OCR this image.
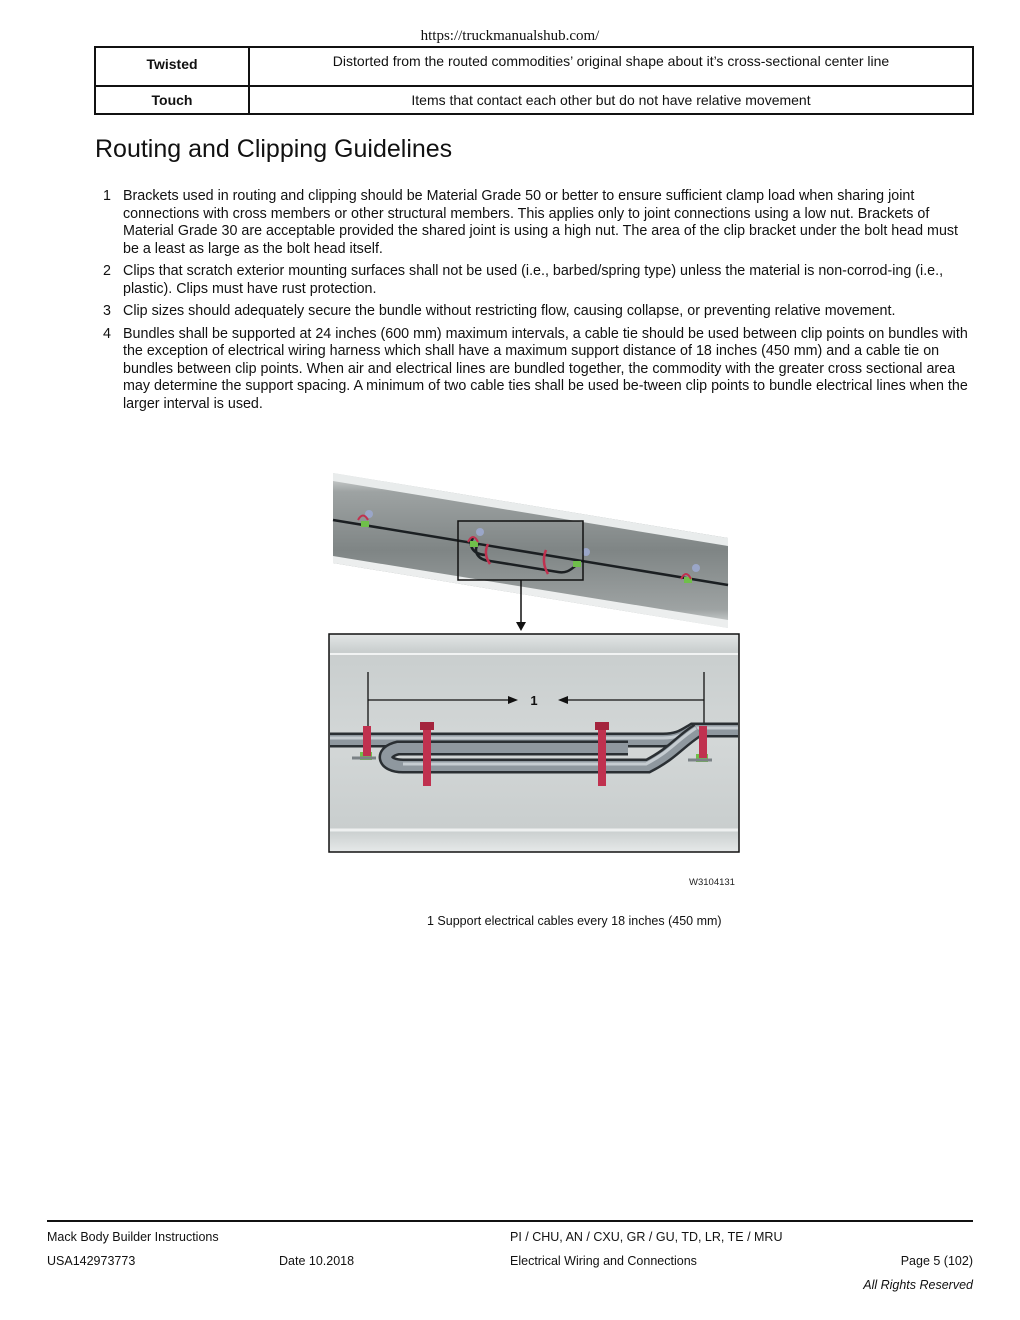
https://truckmanualshub.com/
Twisted	Distorted from the routed commodities’ original shape about it’s cross-sectional center line
Touch	Items that contact each other but do not have relative movement
Routing and Clipping Guidelines
1 Brackets used in routing and clipping should be Material Grade 50 or better to ensure sufficient clamp load when sharing joint connections with cross members or other structural members. This applies only to joint connections using a low nut. Brackets of Material Grade 30 are acceptable provided the shared joint is using a high nut. The area of the clip bracket under the bolt head must be a least as large as the bolt head itself.
2 Clips that scratch exterior mounting surfaces shall not be used (i.e., barbed/spring type) unless the material is non-corrod-ing (i.e., plastic). Clips must have rust protection.
3 Clip sizes should adequately secure the bundle without restricting flow, causing collapse, or preventing relative movement.
4 Bundles shall be supported at 24 inches (600 mm) maximum intervals, a cable tie should be used between clip points on bundles with the exception of electrical wiring harness which shall have a maximum support distance of 18 inches (450 mm) and a cable tie on bundles between clip points. When air and electrical lines are bundled together, the commodity with the greater cross sectional area may determine the support spacing. A minimum of two cable ties shall be used be-tween clip points to bundle electrical lines when the larger interval is used.
1
W3104131
1 Support electrical cables every 18 inches (450 mm)
Mack Body Builder Instructions	PI / CHU, AN / CXU, GR / GU, TD, LR, TE / MRU
USA142973773	Date 10.2018	Electrical Wiring and Connections	Page 5 (102)
All Rights Reserved
